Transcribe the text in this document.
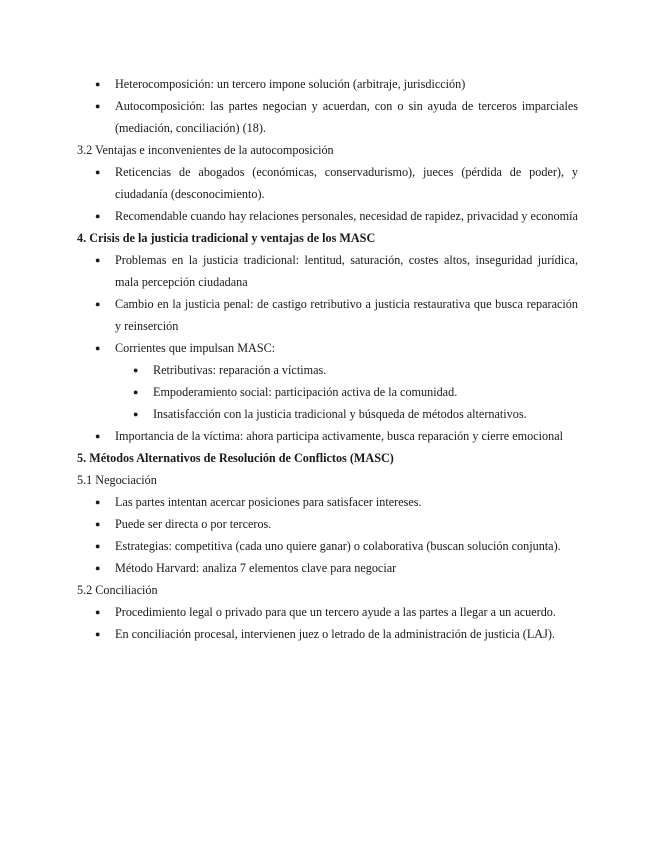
● Heterocomposición: un tercero impone solución (arbitraje, jurisdicción)
● Autocomposición: las partes negocian y acuerdan, con o sin ayuda de terceros imparciales (mediación, conciliación) (18).

3.2 Ventajas e inconvenientes de la autocomposición

● Reticencias de abogados (económicas, conservadurismo), jueces (pérdida de poder), y ciudadanía (desconocimiento).
● Recomendable cuando hay relaciones personales, necesidad de rapidez, privacidad y economía

4. Crisis de la justicia tradicional y ventajas de los MASC

● Problemas en la justicia tradicional: lentitud, saturación, costes altos, inseguridad jurídica, mala percepción ciudadana
● Cambio en la justicia penal: de castigo retributivo a justicia restaurativa que busca reparación y reinserción
● Corrientes que impulsan MASC:
● Retributivas: reparación a víctimas.
● Empoderamiento social: participación activa de la comunidad.
● Insatisfacción con la justicia tradicional y búsqueda de métodos alternativos.
● Importancia de la víctima: ahora participa activamente, busca reparación y cierre emocional

5. Métodos Alternativos de Resolución de Conflictos (MASC)

5.1 Negociación

● Las partes intentan acercar posiciones para satisfacer intereses.
● Puede ser directa o por terceros.
● Estrategias: competitiva (cada uno quiere ganar) o colaborativa (buscan solución conjunta).
● Método Harvard: analiza 7 elementos clave para negociar

5.2 Conciliación

● Procedimiento legal o privado para que un tercero ayude a las partes a llegar a un acuerdo.
● En conciliación procesal, intervienen juez o letrado de la administración de justicia (LAJ).
